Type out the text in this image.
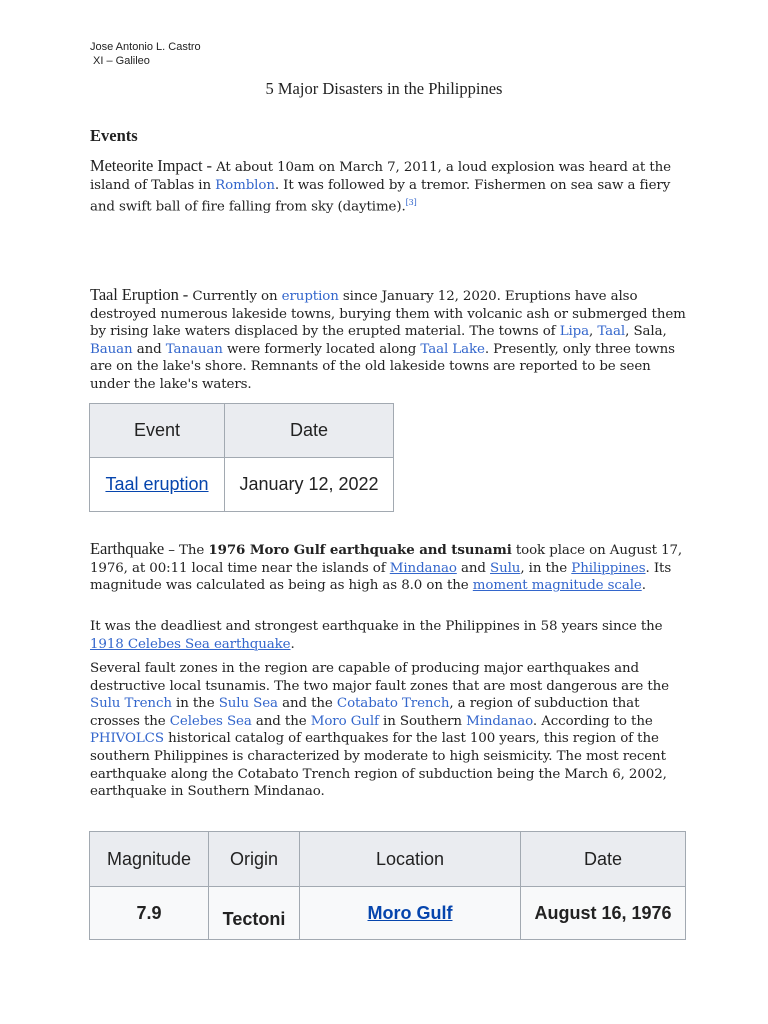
Jose Antonio L. Castro
XI – Galileo
5 Major Disasters in the Philippines
Events
Meteorite Impact - At about 10am on March 7, 2011, a loud explosion was heard at the island of Tablas in Romblon. It was followed by a tremor. Fishermen on sea saw a fiery and swift ball of fire falling from sky (daytime).[3]
Taal Eruption - Currently on eruption since January 12, 2020. Eruptions have also destroyed numerous lakeside towns, burying them with volcanic ash or submerged them by rising lake waters displaced by the erupted material. The towns of Lipa, Taal, Sala, Bauan and Tanauan were formerly located along Taal Lake. Presently, only three towns are on the lake's shore. Remnants of the old lakeside towns are reported to be seen under the lake's waters.
Event	Date
Taal eruption	January 12, 2022
Earthquake – The 1976 Moro Gulf earthquake and tsunami took place on August 17, 1976, at 00:11 local time near the islands of Mindanao and Sulu, in the Philippines. Its magnitude was calculated as being as high as 8.0 on the moment magnitude scale.
It was the deadliest and strongest earthquake in the Philippines in 58 years since the 1918 Celebes Sea earthquake.
Several fault zones in the region are capable of producing major earthquakes and destructive local tsunamis. The two major fault zones that are most dangerous are the Sulu Trench in the Sulu Sea and the Cotabato Trench, a region of subduction that crosses the Celebes Sea and the Moro Gulf in Southern Mindanao. According to the PHIVOLCS historical catalog of earthquakes for the last 100 years, this region of the southern Philippines is characterized by moderate to high seismicity. The most recent earthquake along the Cotabato Trench region of subduction being the March 6, 2002, earthquake in Southern Mindanao.
Magnitude	Origin	Location	Date
7.9	Tectoni	Moro Gulf	August 16, 1976
